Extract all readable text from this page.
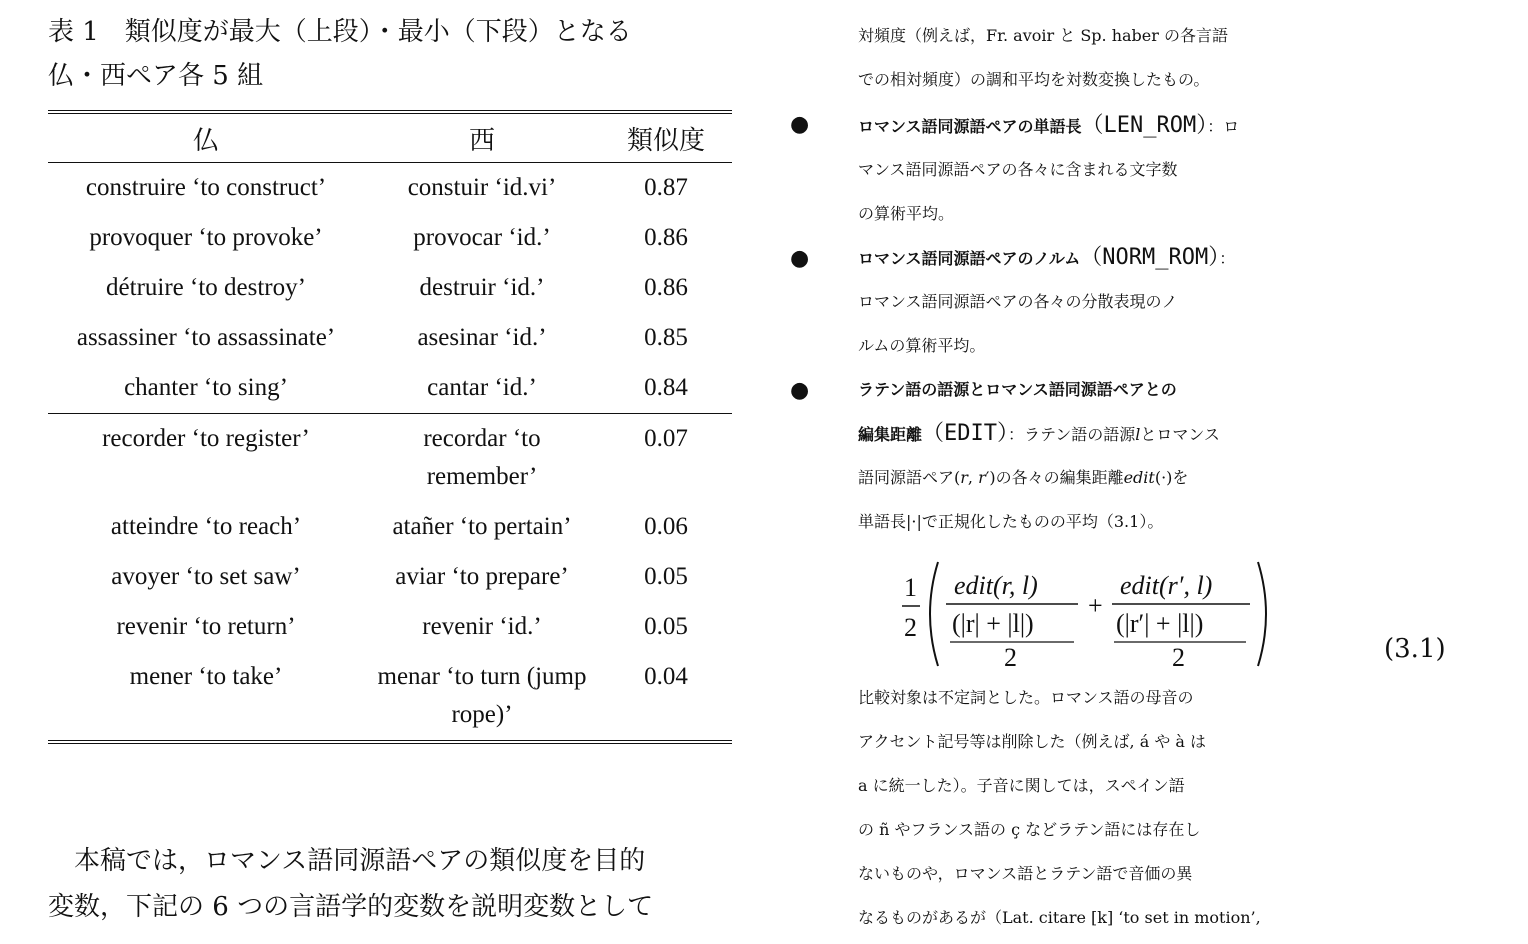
表 1　類似度が最大（上段）・最小（下段）となる
仏・西ペア各 5 組
仏	西	類似度
construire ‘to construct’	constuir ‘id.vi’	0.87
provoquer ‘to provoke’	provocar ‘id.’	0.86
détruire ‘to destroy’	destruir ‘id.’	0.86
assassiner ‘to assassinate’	asesinar ‘id.’	0.85
chanter ‘to sing’	cantar ‘id.’	0.84
recorder ‘to register’	recordar ‘to remember’	0.07
atteindre ‘to reach’	atañer ‘to pertain’	0.06
avoyer ‘to set saw’	aviar ‘to prepare’	0.05
revenir ‘to return’	revenir ‘id.’	0.05
mener ‘to take’	menar ‘to turn (jump rope)’	0.04
　本稿では，ロマンス語同源語ペアの類似度を目的
変数，下記の 6 つの言語学的変数を説明変数として
対頻度（例えば，Fr. avoir と Sp. haber の各言語
での相対頻度）の調和平均を対数変換したもの。
●	ロマンス語同源語ペアの単語長（LEN_ROM）：ロ
マンス語同源語ペアの各々に含まれる文字数
の算術平均。
●	ロマンス語同源語ペアのノルム（NORM_ROM）：
ロマンス語同源語ペアの各々の分散表現のノ
ルムの算術平均。
●	ラテン語の語源とロマンス語同源語ペアとの
編集距離（EDIT）：ラテン語の語源𝑙とロマンス
語同源語ペア(𝑟, 𝑟′)の各々の編集距離𝑒𝑑𝑖𝑡(·)を
単語長|·|で正規化したものの平均（3.1）。
1
2
edit(r, l)
(|r| + |l|)
2
+
edit(r′, l)
(|r′| + |l|)
2	(3.1)
比較対象は不定詞とした。ロマンス語の母音の
アクセント記号等は削除した（例えば, á や à は
a に統一した）。子音に関しては，スペイン語
の ñ やフランス語の ç などラテン語には存在し
ないものや，ロマンス語とラテン語で音価の異
なるものがあるが（Lat. citare [k] ‘to set in motion’,
